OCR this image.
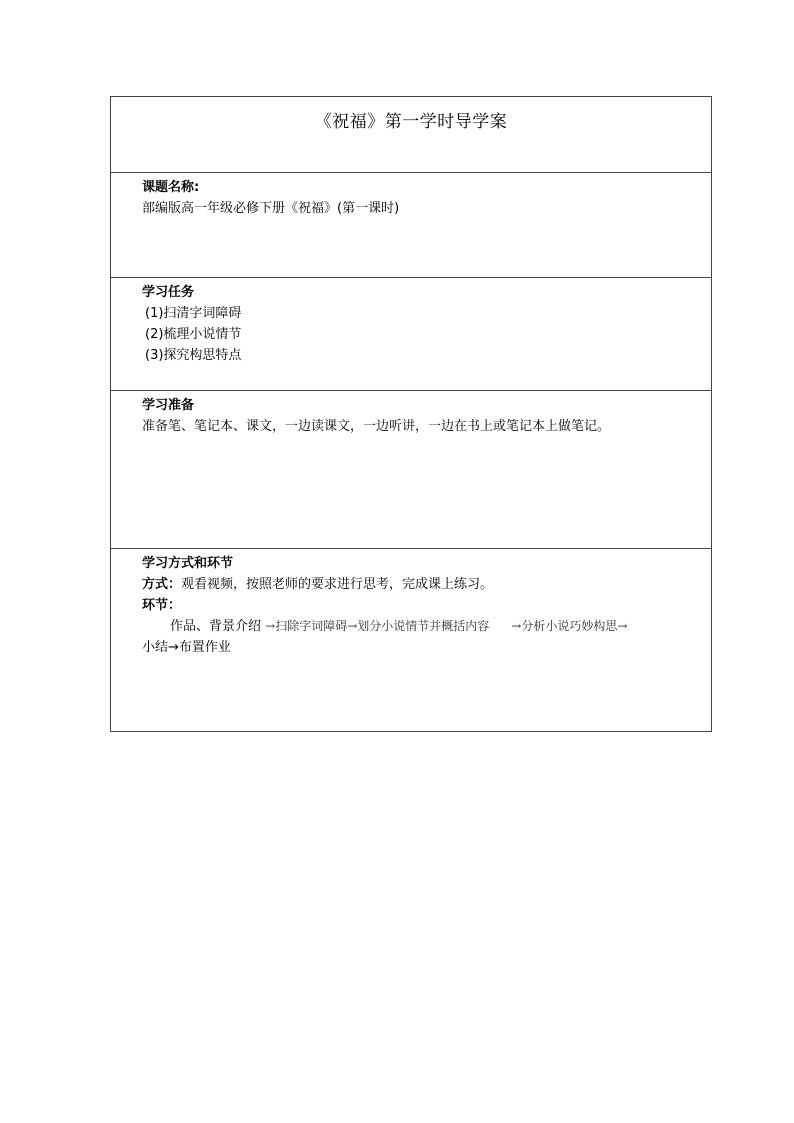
《祝福》第一学时导学案
课题名称:
部编版高一年级必修下册《祝福》(第一课时)
学习任务
(1)扫清字词障碍
(2)梳理小说情节
(3)探究构思特点
学习准备
准备笔、笔记本、课文，一边读课文，一边听讲，一边在书上或笔记本上做笔记。
学习方式和环节
方式：观看视频，按照老师的要求进行思考，完成课上练习。
环节：
作品、背景介绍 →扫除字词障碍→划分小说情节并概括内容 →分析小说巧妙构思→
小结→布置作业
